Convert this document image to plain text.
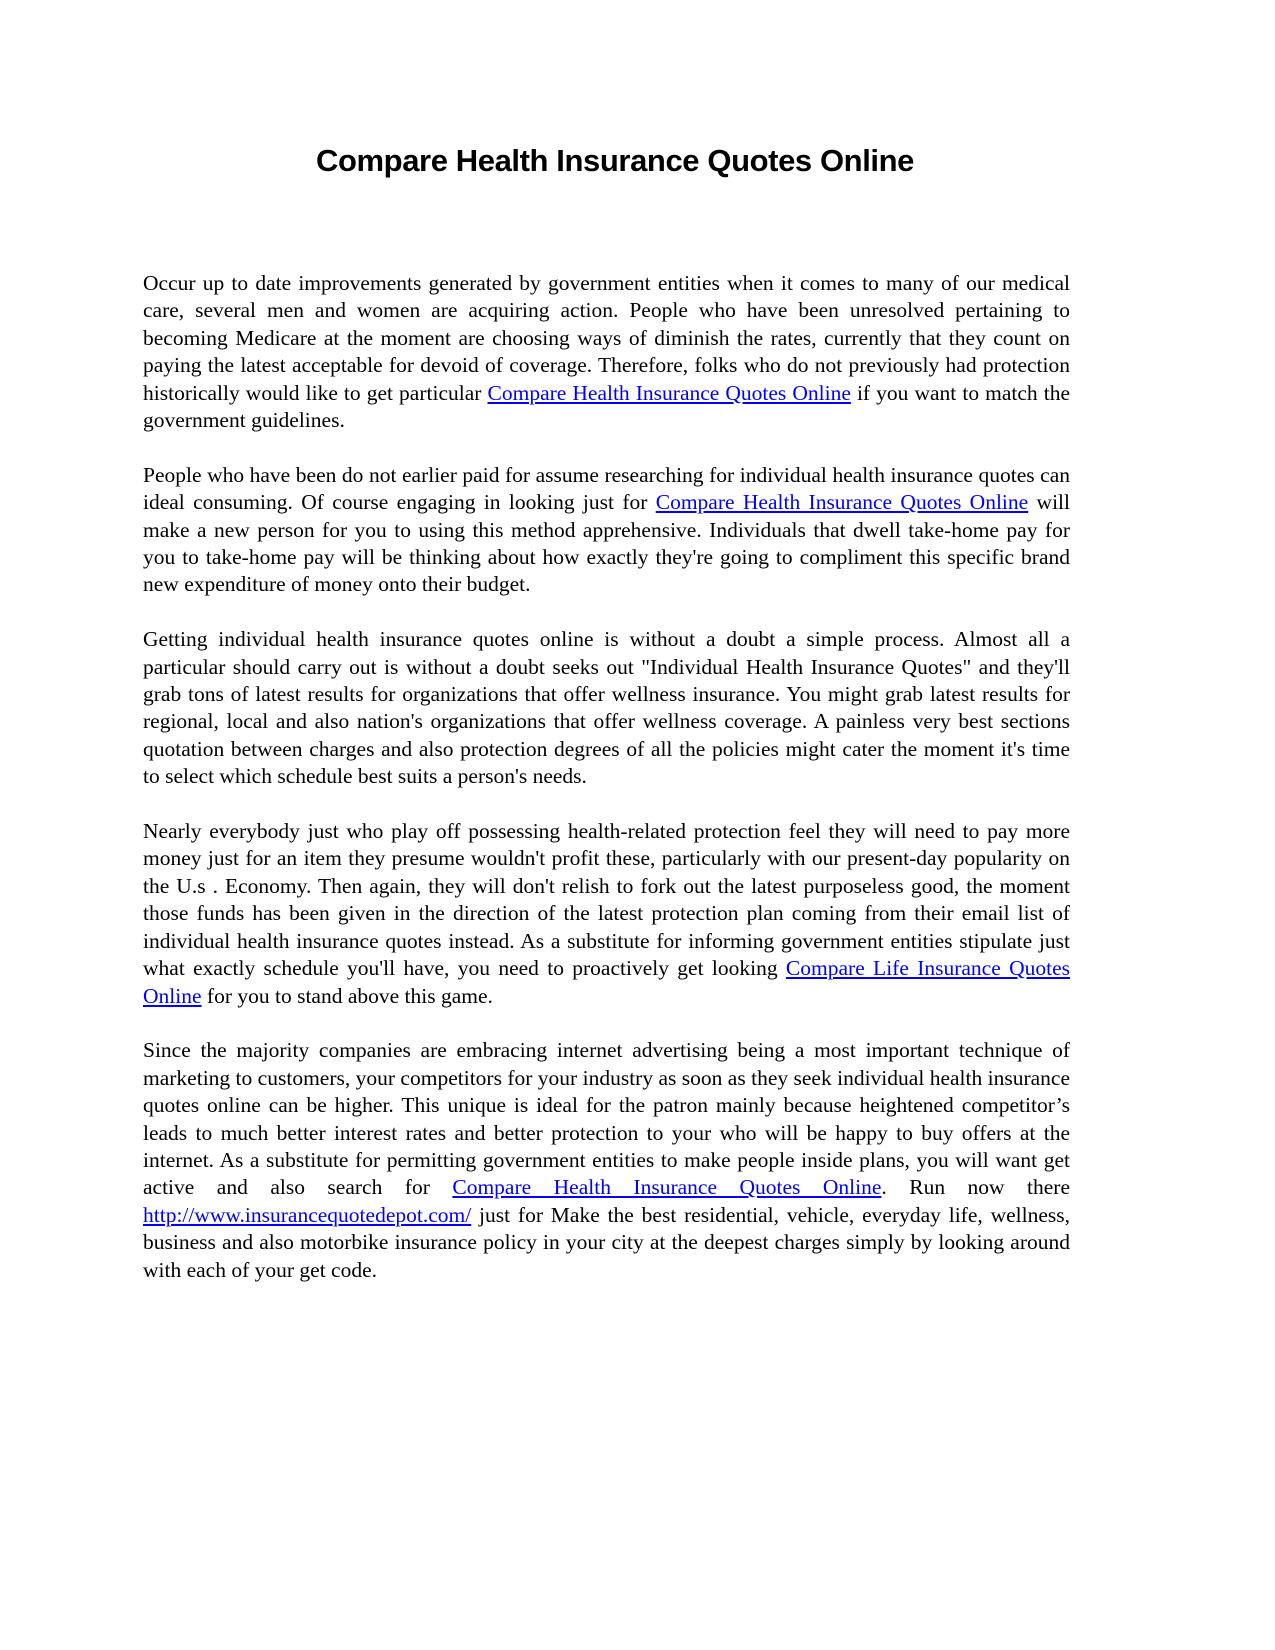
Compare Health Insurance Quotes Online

Occur up to date improvements generated by government entities when it comes to many of our medical care, several men and women are acquiring action. People who have been unresolved pertaining to becoming Medicare at the moment are choosing ways of diminish the rates, currently that they count on paying the latest acceptable for devoid of coverage. Therefore, folks who do not previously had protection historically would like to get particular Compare Health Insurance Quotes Online if you want to match the government guidelines.

People who have been do not earlier paid for assume researching for individual health insurance quotes can ideal consuming. Of course engaging in looking just for Compare Health Insurance Quotes Online will make a new person for you to using this method apprehensive. Individuals that dwell take-home pay for you to take-home pay will be thinking about how exactly they're going to compliment this specific brand new expenditure of money onto their budget.

Getting individual health insurance quotes online is without a doubt a simple process. Almost all a particular should carry out is without a doubt seeks out "Individual Health Insurance Quotes" and they'll grab tons of latest results for organizations that offer wellness insurance. You might grab latest results for regional, local and also nation's organizations that offer wellness coverage. A painless very best sections quotation between charges and also protection degrees of all the policies might cater the moment it's time to select which schedule best suits a person's needs.

Nearly everybody just who play off possessing health-related protection feel they will need to pay more money just for an item they presume wouldn't profit these, particularly with our present-day popularity on the U.s . Economy. Then again, they will don't relish to fork out the latest purposeless good, the moment those funds has been given in the direction of the latest protection plan coming from their email list of individual health insurance quotes instead. As a substitute for informing government entities stipulate just what exactly schedule you'll have, you need to proactively get looking Compare Life Insurance Quotes Online for you to stand above this game.

Since the majority companies are embracing internet advertising being a most important technique of marketing to customers, your competitors for your industry as soon as they seek individual health insurance quotes online can be higher. This unique is ideal for the patron mainly because heightened competitor’s leads to much better interest rates and better protection to your who will be happy to buy offers at the internet. As a substitute for permitting government entities to make people inside plans, you will want get active and also search for Compare Health Insurance Quotes Online. Run now there http://www.insurancequotedepot.com/ just for Make the best residential, vehicle, everyday life, wellness, business and also motorbike insurance policy in your city at the deepest charges simply by looking around with each of your get code.
